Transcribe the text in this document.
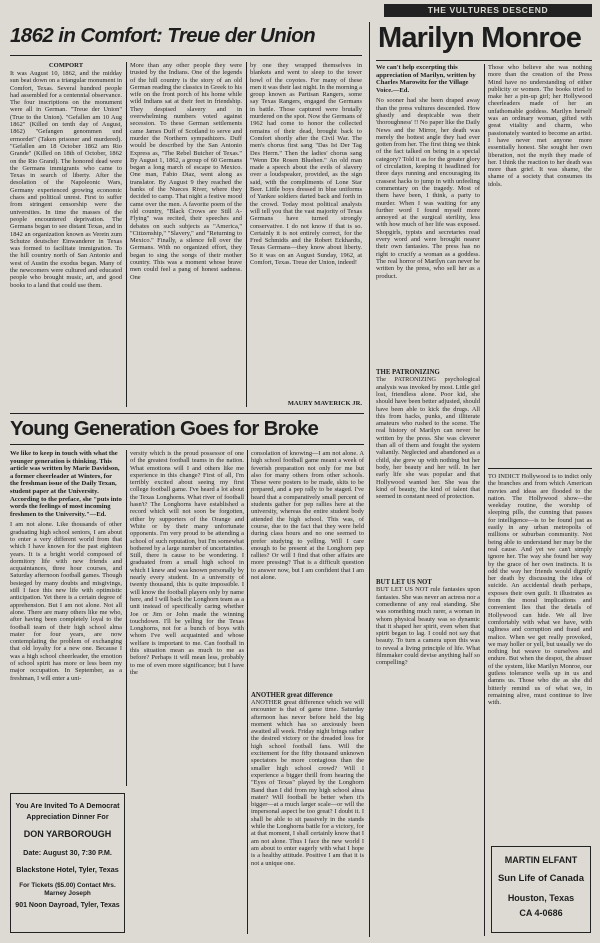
THE VULTURES DESCEND
1862 in Comfort: Treue der Union
COMPORT
It was August 10, 1862, and the midday sun beat down on a triangular monument in Comfort, Texas. Several hundred people had assembled for a centennial observance. The four inscriptions on the monument were all in German. "Treue der Union" (True to the Union). "Gefallen am 10 Aug 1862" (Killed on tenth day of August, 1862) "Gefangen genommen und ermordet" (Taken prisoner and murdered). "Gefallen am 18 October 1862 am Rio Grande" (Killed on 18th of October, 1862 on the Rio Grand). The honored dead were the Germans immigrants who came to Texas in search of liberty. After the desolation of the Napoleonic Wars, Germany experienced growing economic chaos and political unrest. First to suffer from stringent censorship were the universities. In time the masses of the people encountered deprivation. The Germans began to see distant Texas, and in 1842 an organization known as Verein zum Schutze deutscher Einwanderer in Texas was formed to facilitate immigration. To the hill country north of San Antonio and west of Austin the exodus began. Many of the newcomers were cultured and educated people who brought music, art, and good books to a land that could use them.
More than any other people they were trusted by the Indians. One of the legends of the hill country is the story of an old German reading the classics in Greek to his wife on the front porch of his home while wild Indians sat at their feet in friendship. They despised slavery and in overwhelming numbers voted against secession. To these German settlements came James Duff of Scotland to serve and murder the Northern sympathizers. Duff would be described by the San Antonio Express as, "The Rebel Butcher of Texas." By August 1, 1862, a group of 60 Germans began a long march of escape to Mexico. One man, Fabio Diaz, went along as translator. By August 9 they reached the banks of the Nueces River, where they decided to camp. That night a festive mood came over the men. A favorite poem of the old country, "Black Crows are Still A-Flying" was recited, their speeches and debates on such subjects as "America," "Citizenship," "Slavery," and "Returning to Mexico." Finally, a silence fell over the Germans. With no organized effort, they began to sing the songs of their mother country. This was a moment whose brave men could feel a pang of honest sadness. One
by one they wrapped themselves in blankets and went to sleep to the tower howl of the coyotes. For many of these men it was their last night. In the morning a group known as Partisan Rangers, some say Texas Rangers, engaged the Germans in battle. Those captured were brutally murdered on the spot. Now the Germans of 1962 had come to honor the collected remains of their dead, brought back to Comfort shortly after the Civil War. The men's chorus first sang "Das Ist Der Tag Des Herrn." Then the ladies' chorus sang "Wenn Die Rosen Bluehen." An old man made a speech about the evils of slavery over a loudspeaker, provided, as the sign said, with the compliments of Lone Star Beer. Little boys dressed in blue uniforms of Yankee soldiers darted back and forth in the crowd. Today most political analysts will tell you that the vast majority of Texas Germans have turned strongly conservative. I do not know if that is so. Certainly it is not entirely correct, for the Fred Schmidts and the Robert Eckhardts, Texas Germans—they know about liberty. So it was on an August Sunday, 1962, at Comfort, Texas. Treue der Union, indeed!
MAURY MAVERICK JR.
Marilyn Monroe
We can't help excerpting this appreciation of Marilyn, written by Charles Marowitz for the Village Voice.—Ed.
No sooner had she been draped away than the press vultures descended. How ghastly and despicable was their 'thoroughness' !! No paper like the Daily News and the Mirror, her death was merely the hottest angle they had ever gotten from her. The first thing we think of the fact talked on being in a special category? Told it as for the greater glory of circulation, keeping it headlined for three days running and encouraging its crassest hacks to jump in with unfeeling commentary on the tragedy. Most of them have been, I think, a party to murder. When I was waiting for any further word I found myself more annoyed at the surgical sterility, less with how much of her life was exposed. Shopgirls, typists and secretaries read every word and were brought nearer their own fantasies. The press has no right to crucify a woman as a goddess. The real horror of Marilyn can never be written by the press, who sell her as a product.
THE PATRONIZING
The PATRONIZING psychological analysis was invoked by most. Little girl lost, friendless alone. Poor kid, she should have been better adjusted, should have been able to kick the drugs. All this from hacks, punks, and illiterate amateurs who rushed to the scene. The real history of Marilyn can never be written by the press. She was cleverer than all of them and fought the system valiantly. Neglected and abandoned as a child, she grew up with nothing but her body, her beauty and her will. In her early life she was popular and that Hollywood wanted her. She was the kind of beauty, the kind of talent that seemed in constant need of protection.
BUT LET US NOT
BUT LET US NOT rule fantasies upon fantasies. She was never an actress nor a comedienne of any real standing. She was something much rarer, a woman in whom physical beauty was so dynamic that it shaped her spirit, even when that spirit began to lag. I could not say that beauty. To turn a camera upon this was to reveal a living principle of life. What filmmaker could devise anything half so compelling?
Those who believe she was nothing more than the creation of the Press Mind have no understanding of either publicity or women. The books tried to make her a pin-up girl; her Hollywood cheerleaders made of her an unfathomable goddess. Marilyn herself was an ordinary woman, gifted with great vitality and charm, who passionately wanted to become an artist. I have never met anyone more essentially honest. She sought her own liberation, not the myth they made of her. I think the reaction to her death was more than grief. It was shame, the shame of a society that consumes its idols.
TO INDICT Hollywood is to indict only the branches and from which American movies and ideas are flooded to the nation. The Hollywood show—the weekday routine, the worship of sleeping pills, the cunning that passes for intelligence—is to be found just as easily in any urban metropolis of millions or suburban community. Not being able to understand her may be the real cause. And yet we can't simply ignore her. The way she found her way by the grace of her own instincts. It is odd the way her friends would dignify her death by discussing the idea of suicide. An accidental death perhaps, exposes their own guilt. It illustrates as from the moral implications and convenient lies that the details of Hollywood can hide. We all live comfortably with what we have, with ugliness and corruption and fraud and malice. When we get really provoked, we may holler or yell, but usually we do nothing but weave to ourselves and endure. But when the despot, the abuser of the system, like Marilyn Monroe, our gutless tolerance wells up in us and damns us. Those who die as she did bitterly remind us of what we, in remaining alive, must continue to live with.
MARTIN ELFANT
Sun Life of Canada
Houston, Texas
CA 4-0686
Young Generation Goes for Broke
We like to keep in touch with what the younger generation is thinking. This article was written by Marie Davidson, a former cheerleader at Winters, for the freshman issue of the Daily Texan, student paper at the University. According to the preface, she "puts into words the feelings of most incoming freshmen to the University."—Ed.
I am not alone. Like thousands of other graduating high school seniors, I am about to enter a very different world from that which I have known for the past eighteen years. It is a bright world composed of dormitory life with new friends and acquaintances, three hour courses, and Saturday afternoon football games. Though besieged by many doubts and misgivings, still I face this new life with optimistic anticipation. Yet there is a certain degree of apprehension. But I am not alone. Not all alone. There are many others like me who, after having been completely loyal to the football team of their high school alma mater for four years, are now contemplating the problem of exchanging that old loyalty for a new one. Because I was a high school cheerleader, the emotion of school spirit has more or less been my major occupation. In September, as a freshman, I will enter a uni-
versity which is the proud possessor of one of the greatest football teams in the nation. What emotions will I and others like me experience in this change? First of all, I'm terribly excited about seeing my first college football game. I've heard a lot about the Texas Longhorns. What river of football hasn't? The Longhorns have established a record which will not soon be forgotten, either by supporters of the Orange and White or by their many unfortunate opponents. I'm very proud to be attending a school of such reputation, but I'm somewhat bothered by a large number of uncertainties. Still, there is cause to be wondering. I graduated from a small high school in which I knew and was known personally by nearly every student. In a university of twenty thousand, this is quite impossible. I will know the football players only by name here, and I will back the Longhorn team as a unit instead of specifically caring whether Joe or Jim or John made the winning touchdown. I'll be yelling for the Texas Longhorns, not for a bunch of boys with whom I've well acquainted and whose welfare is important to me. Can football in this situation mean as much to me as before? Perhaps it will mean less, probably to me of even more significance; but I have the
consolation of knowing—I am not alone. A high school football game meant a week of feverish preparation not only for me but also for many others from other schools. These were posters to be made, skits to be prepared, and a pep rally to be staged. I've heard that a comparatively small percent of students gather for pep rallies here at the university, whereas the entire student body attended the high school. This was, of course, due to the fact that they were held during class hours and no one seemed to prefer studying to yelling. Will I care enough to be present at the Longhorn pep rallies? Or will I find that other affairs are more pressing? That is a difficult question to answer now, but I am confident that I am not alone.
ANOTHER great difference
ANOTHER great difference which we will encounter is that of game time. Saturday afternoon has never before held the big moment which has so anxiously been awaited all week. Friday night brings rather the desired victory or the dreaded loss for high school football fans. Will the excitement for the fifty thousand unknown spectators be more contagious than the smaller high school crowd? Will I experience a bigger thrill from hearing the "Eyes of Texas" played by the Longhorn Band than I did from my high school alma mater? Will football be better when it's bigger—at a much larger scale—or will the impersonal aspect be too great? I doubt it. I shall be able to sit passively in the stands while the Longhorns battle for a victory, for at that moment, I shall certainly know that I am not alone. Thus I face the new world I am about to enter eagerly with what I hope is a healthy attitude. Positive I am that it is not a unique one.
You Are Invited To A Democrat
Appreciation Dinner For
DON YARBOROUGH
Date: August 30, 7:30 P.M.
Blackstone Hotel, Tyler, Texas
For Tickets ($5.00) Contact Mrs. Marney Joseph
901 Noon Dayroad, Tyler, Texas
